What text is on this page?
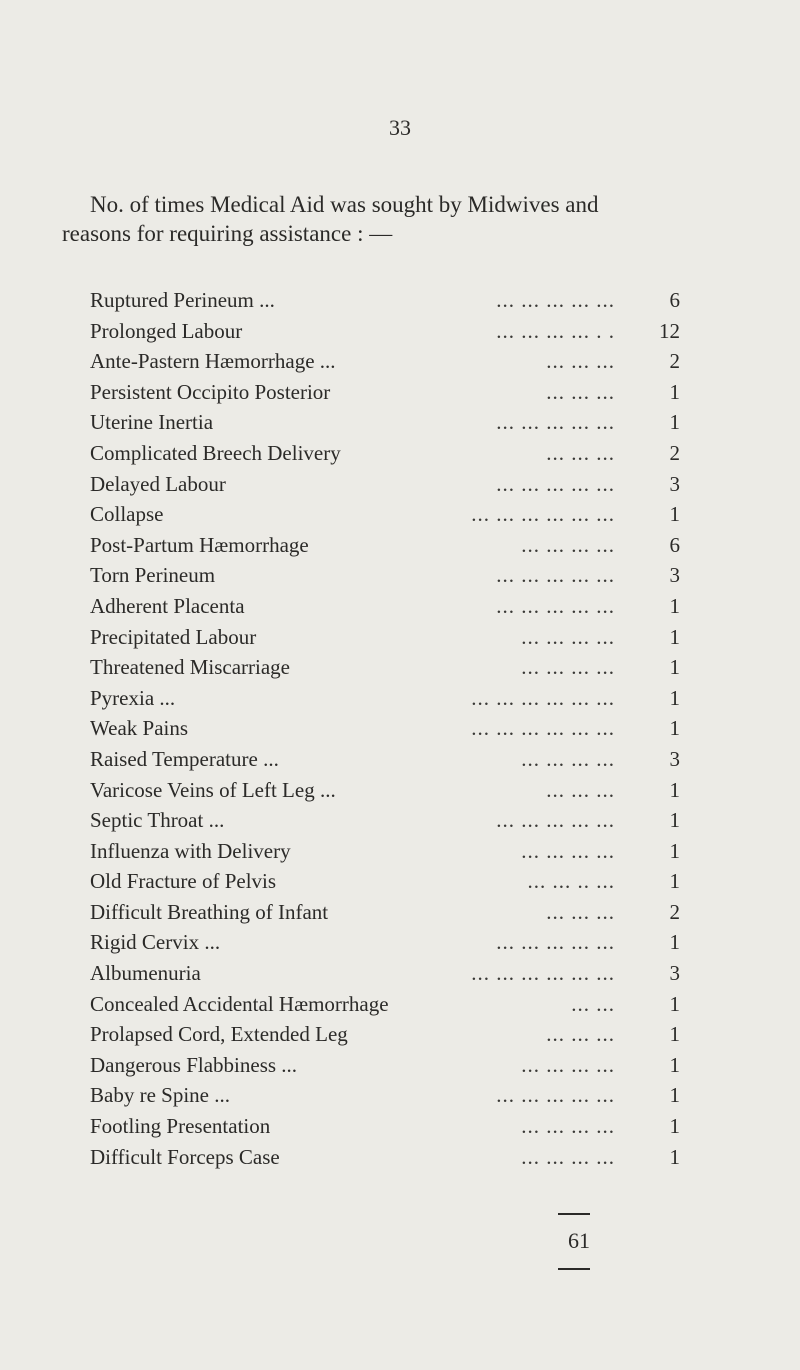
33
No. of times Medical Aid was sought by Midwives and
reasons for requiring assistance : —
Ruptured Perineum ...	... ... ... ... ...	6
Prolonged Labour	. . ... ... ... ...	12
Ante-Pastern Hæmorrhage ...	... ... ...	2
Persistent Occipito Posterior	... ... ...	1
Uterine Inertia	... ... ... ... ...	1
Complicated Breech Delivery	... ... ...	2
Delayed Labour	... ... ... ... ...	3
Collapse	... ... ... ... ... ...	1
Post-Partum Hæmorrhage	... ... ... ...	6
Torn Perineum	... ... ... ... ...	3
Adherent Placenta	... ... ... ... ...	1
Precipitated Labour	... ... ... ...	1
Threatened Miscarriage	... ... ... ...	1
Pyrexia ...	... ... ... ... ... ...	1
Weak Pains	... ... ... ... ... ...	1
Raised Temperature ...	... ... ... ...	3
Varicose Veins of Left Leg ...	... ... ...	1
Septic Throat ...	... ... ... ... ...	1
Influenza with Delivery	... ... ... ...	1
Old Fracture of Pelvis	... .. ... ...	1
Difficult Breathing of Infant	... ... ...	2
Rigid Cervix ...	... ... ... ... ...	1
Albumenuria	... ... ... ... ... ...	3
Concealed Accidental Hæmorrhage	... ...	1
Prolapsed Cord, Extended Leg	... ... ...	1
Dangerous Flabbiness ...	... ... ... ...	1
Baby re Spine ...	... ... ... ... ...	1
Footling Presentation	... ... ... ...	1
Difficult Forceps Case	... ... ... ...	1
61
